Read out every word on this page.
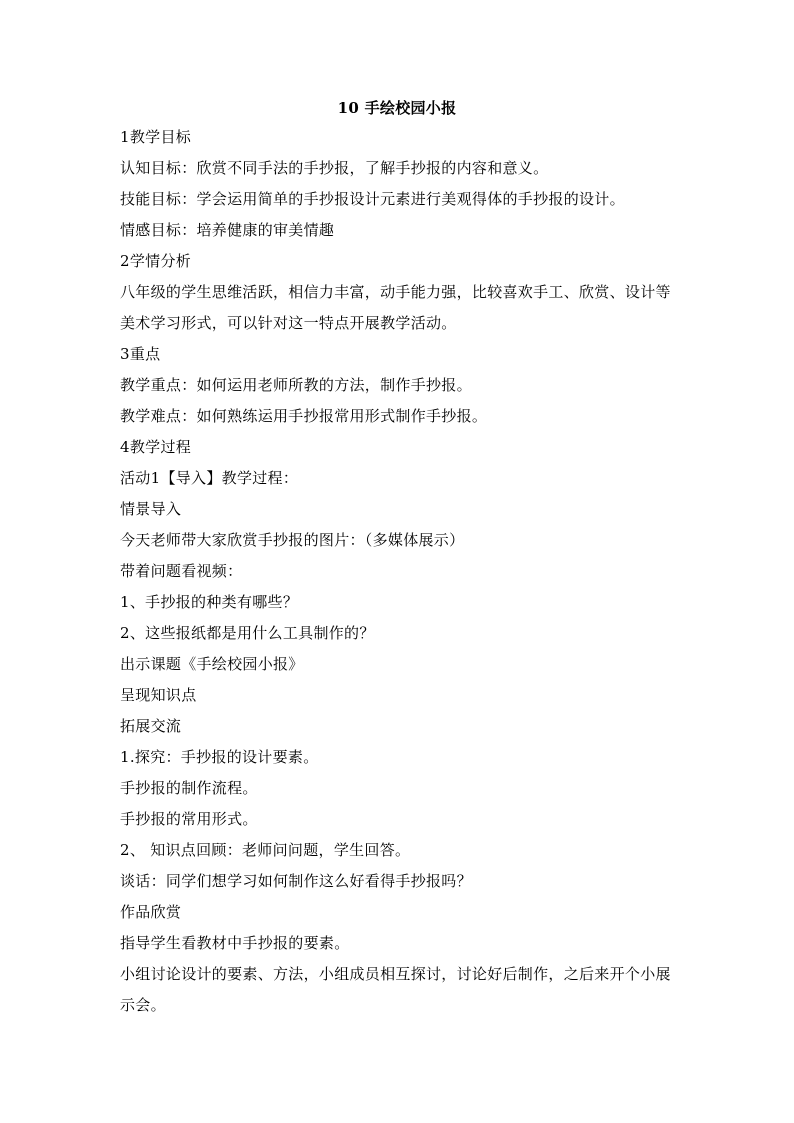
10 手绘校园小报

1教学目标

认知目标：欣赏不同手法的手抄报，了解手抄报的内容和意义。

技能目标：学会运用简单的手抄报设计元素进行美观得体的手抄报的设计。

情感目标：培养健康的审美情趣

2学情分析

八年级的学生思维活跃，相信力丰富，动手能力强，比较喜欢手工、欣赏、设计等美术学习形式，可以针对这一特点开展教学活动。

3重点

教学重点：如何运用老师所教的方法，制作手抄报。

教学难点：如何熟练运用手抄报常用形式制作手抄报。

4教学过程

活动1【导入】教学过程：

情景导入

今天老师带大家欣赏手抄报的图片：（多媒体展示）

带着问题看视频：

1、手抄报的种类有哪些？

2、这些报纸都是用什么工具制作的？

出示课题《手绘校园小报》

呈现知识点

拓展交流

1.探究：手抄报的设计要素。

手抄报的制作流程。

手抄报的常用形式。

2、 知识点回顾：老师问问题，学生回答。

谈话：同学们想学习如何制作这么好看得手抄报吗？

作品欣赏

指导学生看教材中手抄报的要素。

小组讨论设计的要素、方法，小组成员相互探讨，讨论好后制作，之后来开个小展示会。
